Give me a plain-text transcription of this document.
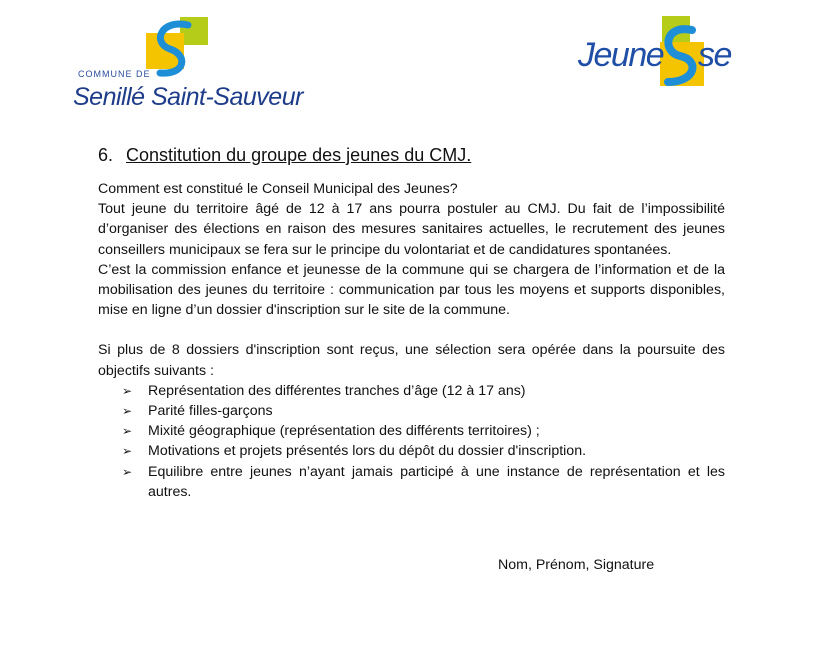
COMMUNE DE
Senillé Saint-Sauveur
Jeune se
6. Constitution du groupe des jeunes du CMJ.

Comment est constitué le Conseil Municipal des Jeunes?

Tout jeune du territoire âgé de 12 à 17 ans pourra postuler au CMJ. Du fait de l’impossibilité d’organiser des élections en raison des mesures sanitaires actuelles, le recrutement des jeunes conseillers municipaux se fera sur le principe du volontariat et de candidatures spontanées.

C’est la commission enfance et jeunesse de la commune qui se chargera de l’information et de la mobilisation des jeunes du territoire : communication par tous les moyens et supports disponibles, mise en ligne d’un dossier d'inscription sur le site de la commune.

Si plus de 8 dossiers d'inscription sont reçus, une sélection sera opérée dans la poursuite des objectifs suivants :

➢ Représentation des différentes tranches d’âge (12 à 17 ans)
➢ Parité filles-garçons
➢ Mixité géographique (représentation des différents territoires) ;
➢ Motivations et projets présentés lors du dépôt du dossier d'inscription.
➢ Equilibre entre jeunes n’ayant jamais participé à une instance de représentation et les autres.
Nom, Prénom, Signature
